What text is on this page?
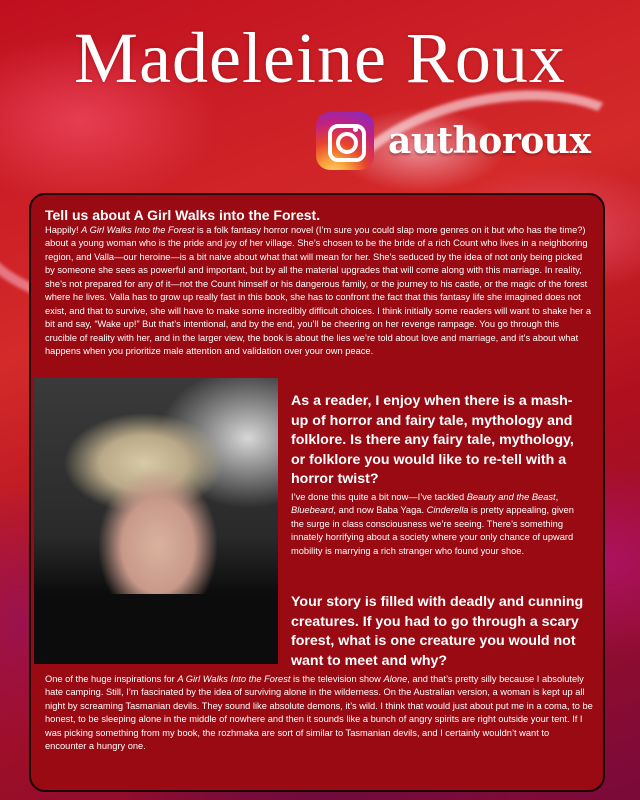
Madeleine Roux
authoroux
Tell us about A Girl Walks into the Forest.

Happily! A Girl Walks Into the Forest is a folk fantasy horror novel (I’m sure you could slap more genres on it but who has the time?) about a young woman who is the pride and joy of her village. She’s chosen to be the bride of a rich Count who lives in a neighboring region, and Valla—our heroine—is a bit naive about what that will mean for her. She’s seduced by the idea of not only being picked by someone she sees as powerful and important, but by all the material upgrades that will come along with this marriage. In reality, she’s not prepared for any of it—not the Count himself or his dangerous family, or the journey to his castle, or the magic of the forest where he lives. Valla has to grow up really fast in this book, she has to confront the fact that this fantasy life she imagined does not exist, and that to survive, she will have to make some incredibly difficult choices. I think initially some readers will want to shake her a bit and say, “Wake up!” But that’s intentional, and by the end, you’ll be cheering on her revenge rampage. You go through this crucible of reality with her, and in the larger view, the book is about the lies we’re told about love and marriage, and it’s about what happens when you prioritize male attention and validation over your own peace.

As a reader, I enjoy when there is a mash-up of horror and fairy tale, mythology and folklore. Is there any fairy tale, mythology, or folklore you would like to re-tell with a horror twist?

I’ve done this quite a bit now—I’ve tackled Beauty and the Beast, Bluebeard, and now Baba Yaga. Cinderella is pretty appealing, given the surge in class consciousness we’re seeing. There’s something innately horrifying about a society where your only chance of upward mobility is marrying a rich stranger who found your shoe.

Your story is filled with deadly and cunning creatures. If you had to go through a scary forest, what is one creature you would not want to meet and why?

One of the huge inspirations for A Girl Walks Into the Forest is the television show Alone, and that’s pretty silly because I absolutely hate camping. Still, I’m fascinated by the idea of surviving alone in the wilderness. On the Australian version, a woman is kept up all night by screaming Tasmanian devils. They sound like absolute demons, it’s wild. I think that would just about put me in a coma, to be honest, to be sleeping alone in the middle of nowhere and then it sounds like a bunch of angry spirits are right outside your tent. If I was picking something from my book, the rozhmaka are sort of similar to Tasmanian devils, and I certainly wouldn’t want to encounter a hungry one.
